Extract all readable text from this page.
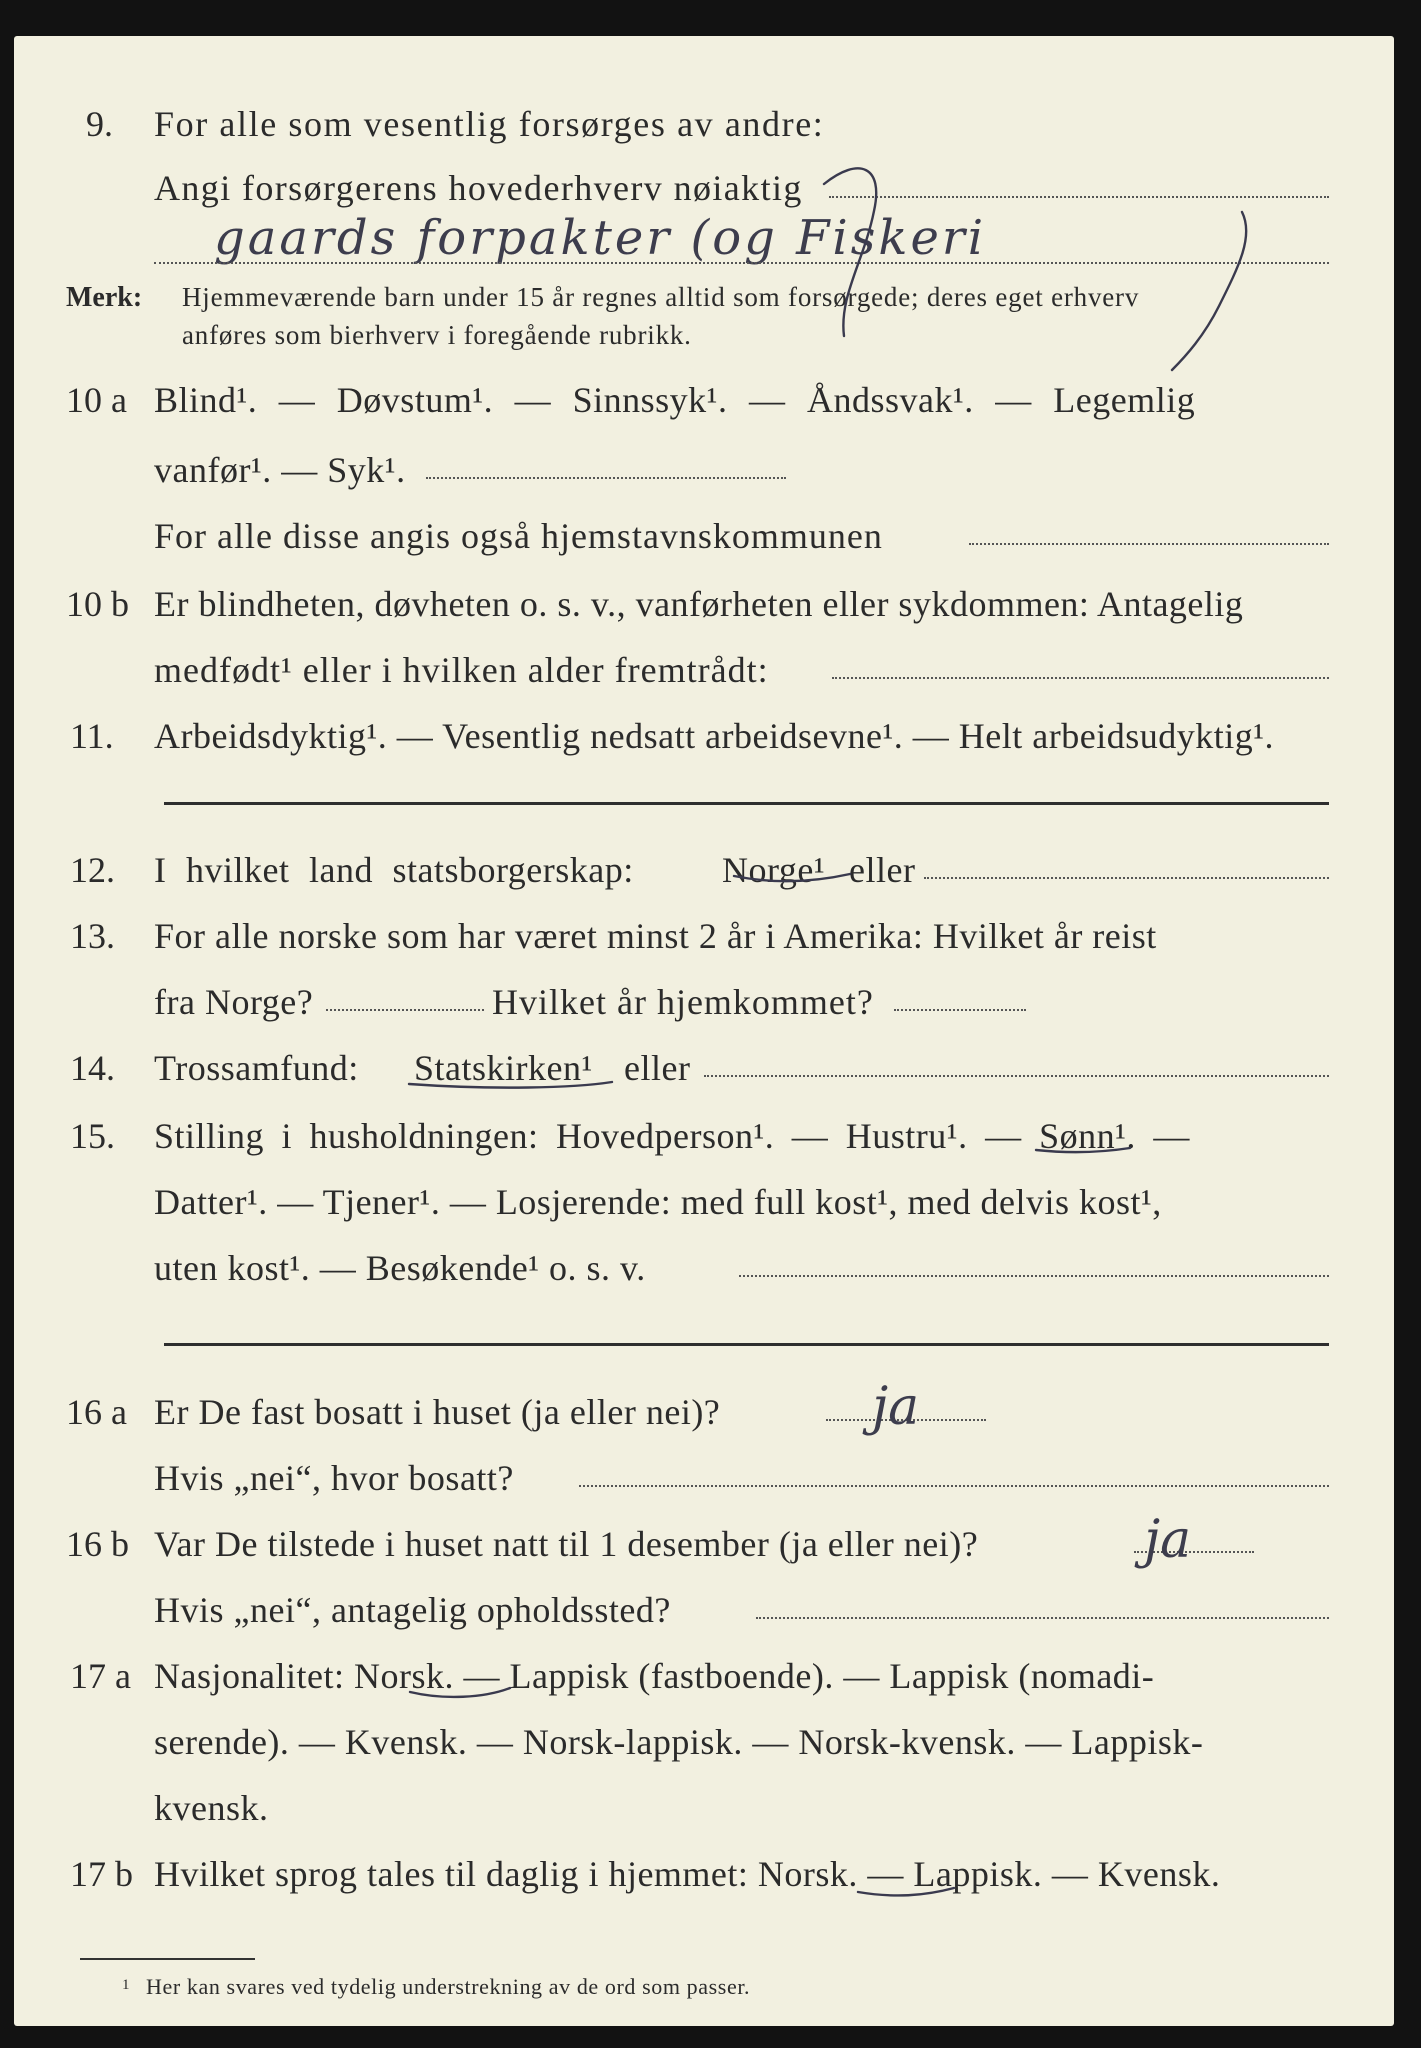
9. For alle som vesentlig forsørges av andre:
Angi forsørgerens hovederhverv nøiaktig
gaards forpakter (og Fiskeri
Merk: Hjemmeværende barn under 15 år regnes alltid som forsørgede; deres eget erhverv
anføres som bierhverv i foregående rubrikk.
10 a Blind¹. — Døvstum¹. — Sinnssyk¹. — Åndssvak¹. — Legemlig
vanfør¹. — Syk¹.
For alle disse angis også hjemstavnskommunen
10 b Er blindheten, døvheten o. s. v., vanførheten eller sykdommen: Antagelig
medfødt¹ eller i hvilken alder fremtrådt:
11. Arbeidsdyktig¹. — Vesentlig nedsatt arbeidsevne¹. — Helt arbeidsudyktig¹.
12. I hvilket land statsborgerskap: Norge¹ eller
13. For alle norske som har været minst 2 år i Amerika: Hvilket år reist
fra Norge?	Hvilket år hjemkommet?
14. Trossamfund: Statskirken¹ eller
15. Stilling i husholdningen: Hovedperson¹. — Hustru¹. — Sønn¹. —
Datter¹. — Tjener¹. — Losjerende: med full kost¹, med delvis kost¹,
uten kost¹. — Besøkende¹ o. s. v.
16 a Er De fast bosatt i huset (ja eller nei)?	ja
Hvis „nei“, hvor bosatt?
16 b Var De tilstede i huset natt til 1 desember (ja eller nei)?	ja
Hvis „nei“, antagelig opholdssted?
17 a Nasjonalitet: Norsk. — Lappisk (fastboende). — Lappisk (nomadi-
serende). — Kvensk. — Norsk-lappisk. — Norsk-kvensk. — Lappisk-
kvensk.
17 b Hvilket sprog tales til daglig i hjemmet: Norsk. — Lappisk. — Kvensk.
1 Her kan svares ved tydelig understrekning av de ord som passer.
